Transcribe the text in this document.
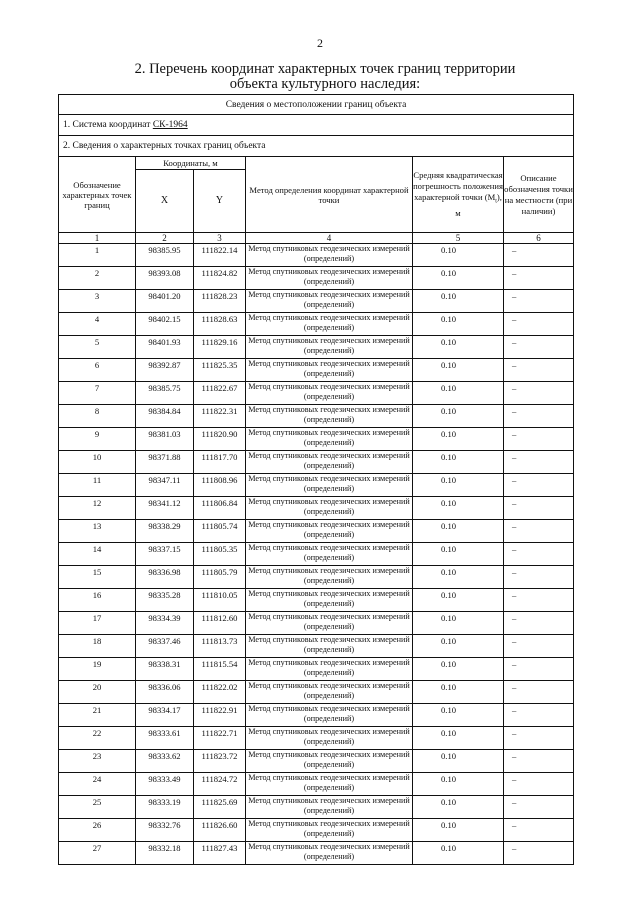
2
2. Перечень координат характерных точек границ территории
объекта культурного наследия:
Сведения о местоположении границ объекта					
1. Система координат СК-1964					
2. Сведения о характерных точках границ объекта					
Обозначение характерных точек границ	Координаты, м		Метод определения координат характерной точки	Средняя квадратическая погрешность положения характерной точки $(M_t)$, м	Описание обозначения точки на местности (при наличии)
	X	Y			
1	2	3	4	5	6
1	98385.95	111822.14	Метод спутниковых геодезических измерений (определений)	0.10	–
2	98393.08	111824.82	Метод спутниковых геодезических измерений (определений)	0.10	–
3	98401.20	111828.23	Метод спутниковых геодезических измерений (определений)	0.10	–
4	98402.15	111828.63	Метод спутниковых геодезических измерений (определений)	0.10	–
5	98401.93	111829.16	Метод спутниковых геодезических измерений (определений)	0.10	–
6	98392.87	111825.35	Метод спутниковых геодезических измерений (определений)	0.10	–
7	98385.75	111822.67	Метод спутниковых геодезических измерений (определений)	0.10	–
8	98384.84	111822.31	Метод спутниковых геодезических измерений (определений)	0.10	–
9	98381.03	111820.90	Метод спутниковых геодезических измерений (определений)	0.10	–
10	98371.88	111817.70	Метод спутниковых геодезических измерений (определений)	0.10	–
11	98347.11	111808.96	Метод спутниковых геодезических измерений (определений)	0.10	–
12	98341.12	111806.84	Метод спутниковых геодезических измерений (определений)	0.10	–
13	98338.29	111805.74	Метод спутниковых геодезических измерений (определений)	0.10	–
14	98337.15	111805.35	Метод спутниковых геодезических измерений (определений)	0.10	–
15	98336.98	111805.79	Метод спутниковых геодезических измерений (определений)	0.10	–
16	98335.28	111810.05	Метод спутниковых геодезических измерений (определений)	0.10	–
17	98334.39	111812.60	Метод спутниковых геодезических измерений (определений)	0.10	–
18	98337.46	111813.73	Метод спутниковых геодезических измерений (определений)	0.10	–
19	98338.31	111815.54	Метод спутниковых геодезических измерений (определений)	0.10	–
20	98336.06	111822.02	Метод спутниковых геодезических измерений (определений)	0.10	–
21	98334.17	111822.91	Метод спутниковых геодезических измерений (определений)	0.10	–
22	98333.61	111822.71	Метод спутниковых геодезических измерений (определений)	0.10	–
23	98333.62	111823.72	Метод спутниковых геодезических измерений (определений)	0.10	–
24	98333.49	111824.72	Метод спутниковых геодезических измерений (определений)	0.10	–
25	98333.19	111825.69	Метод спутниковых геодезических измерений (определений)	0.10	–
26	98332.76	111826.60	Метод спутниковых геодезических измерений (определений)	0.10	–
27	98332.18	111827.43	Метод спутниковых геодезических измерений (определений)	0.10	–
